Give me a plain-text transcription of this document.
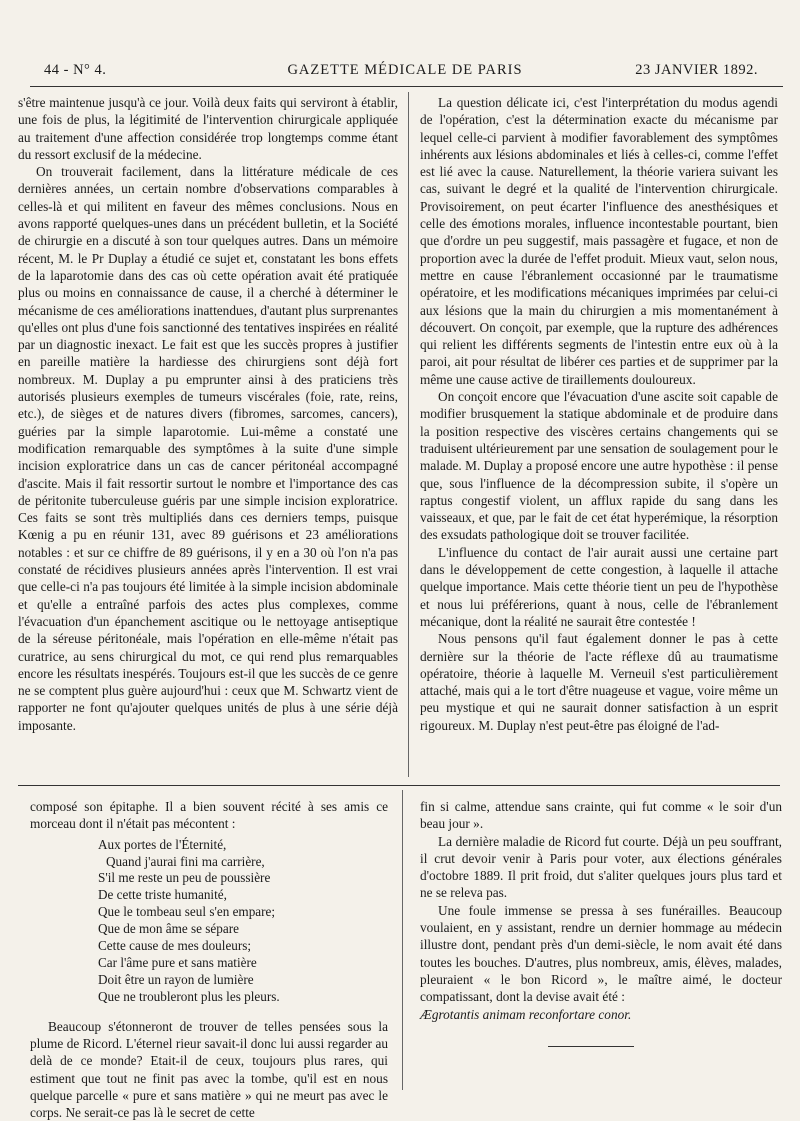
44 - N° 4.	GAZETTE MÉDICALE DE PARIS	23 JANVIER 1892.

s'être maintenue jusqu'à ce jour. Voilà deux faits qui serviront à établir, une fois de plus, la légitimité de l'intervention chirurgicale appliquée au traitement d'une affection considérée trop longtemps comme étant du ressort exclusif de la médecine.

On trouverait facilement, dans la littérature médicale de ces dernières années, un certain nombre d'observations comparables à celles-là et qui militent en faveur des mêmes conclusions. Nous en avons rapporté quelques-unes dans un précédent bulletin, et la Société de chirurgie en a discuté à son tour quelques autres. Dans un mémoire récent, M. le Pr Duplay a étudié ce sujet et, constatant les bons effets de la laparotomie dans des cas où cette opération avait été pratiquée plus ou moins en connaissance de cause, il a cherché à déterminer le mécanisme de ces améliorations inattendues, d'autant plus surprenantes qu'elles ont plus d'une fois sanctionné des tentatives inspirées en réalité par un diagnostic inexact. Le fait est que les succès propres à justifier en pareille matière la hardiesse des chirurgiens sont déjà fort nombreux. M. Duplay a pu emprunter ainsi à des praticiens très autorisés plusieurs exemples de tumeurs viscérales (foie, rate, reins, etc.), de sièges et de natures divers (fibromes, sarcomes, cancers), guéries par la simple laparotomie. Lui-même a constaté une modification remarquable des symptômes à la suite d'une simple incision exploratrice dans un cas de cancer péritonéal accompagné d'ascite. Mais il fait ressortir surtout le nombre et l'importance des cas de péritonite tuberculeuse guéris par une simple incision exploratrice. Ces faits se sont très multipliés dans ces derniers temps, puisque Kœnig a pu en réunir 131, avec 89 guérisons et 23 améliorations notables : et sur ce chiffre de 89 guérisons, il y en a 30 où l'on n'a pas constaté de récidives plusieurs années après l'intervention. Il est vrai que celle-ci n'a pas toujours été limitée à la simple incision abdominale et qu'elle a entraîné parfois des actes plus complexes, comme l'évacuation d'un épanchement ascitique ou le nettoyage antiseptique de la séreuse péritonéale, mais l'opération en elle-même n'était pas curatrice, au sens chirurgical du mot, ce qui rend plus remarquables encore les résultats inespérés. Toujours est-il que les succès de ce genre ne se comptent plus guère aujourd'hui : ceux que M. Schwartz vient de rapporter ne font qu'ajouter quelques unités de plus à une série déjà imposante.

La question délicate ici, c'est l'interprétation du modus agendi de l'opération, c'est la détermination exacte du mécanisme par lequel celle-ci parvient à modifier favorablement des symptômes inhérents aux lésions abdominales et liés à celles-ci, comme l'effet est lié avec la cause. Naturellement, la théorie variera suivant les cas, suivant le degré et la qualité de l'intervention chirurgicale. Provisoirement, on peut écarter l'influence des anesthésiques et celle des émotions morales, influence incontestable pourtant, bien que d'ordre un peu suggestif, mais passagère et fugace, et non de proportion avec la durée de l'effet produit. Mieux vaut, selon nous, mettre en cause l'ébranlement occasionné par le traumatisme opératoire, et les modifications mécaniques imprimées par celui-ci aux lésions que la main du chirurgien a mis momentanément à découvert. On conçoit, par exemple, que la rupture des adhérences qui relient les différents segments de l'intestin entre eux où à la paroi, ait pour résultat de libérer ces parties et de supprimer par la même une cause active de tiraillements douloureux.

On conçoit encore que l'évacuation d'une ascite soit capable de modifier brusquement la statique abdominale et de produire dans la position respective des viscères certains changements qui se traduisent ultérieurement par une sensation de soulagement pour le malade. M. Duplay a proposé encore une autre hypothèse : il pense que, sous l'influence de la décompression subite, il s'opère un raptus congestif violent, un afflux rapide du sang dans les vaisseaux, et que, par le fait de cet état hyperémique, la résorption des exsudats pathologique doit se trouver facilitée.

L'influence du contact de l'air aurait aussi une certaine part dans le développement de cette congestion, à laquelle il attache quelque importance. Mais cette théorie tient un peu de l'hypothèse et nous lui préférerions, quant à nous, celle de l'ébranlement mécanique, dont la réalité ne saurait être contestée !

Nous pensons qu'il faut également donner le pas à cette dernière sur la théorie de l'acte réflexe dû au traumatisme opératoire, théorie à laquelle M. Verneuil s'est particulièrement attaché, mais qui a le tort d'être nuageuse et vague, voire même un peu mystique et qui ne saurait donner satisfaction à un esprit rigoureux. M. Duplay n'est peut-être pas éloigné de l'ad-

composé son épitaphe. Il a bien souvent récité à ses amis ce morceau dont il n'était pas mécontent :

Aux portes de l'Éternité,
Quand j'aurai fini ma carrière,
S'il me reste un peu de poussière
De cette triste humanité,
Que le tombeau seul s'en empare;
Que de mon âme se sépare
Cette cause de mes douleurs;
Car l'âme pure et sans matière
Doit être un rayon de lumière
Que ne troubleront plus les pleurs.

Beaucoup s'étonneront de trouver de telles pensées sous la plume de Ricord. L'éternel rieur savait-il donc lui aussi regarder au delà de ce monde? Etait-il de ceux, toujours plus rares, qui estiment que tout ne finit pas avec la tombe, qu'il est en nous quelque parcelle « pure et sans matière » qui ne meurt pas avec le corps. Ne serait-ce pas là le secret de cette

fin si calme, attendue sans crainte, qui fut comme « le soir d'un beau jour ».

La dernière maladie de Ricord fut courte. Déjà un peu souffrant, il crut devoir venir à Paris pour voter, aux élections générales d'octobre 1889. Il prit froid, dut s'aliter quelques jours plus tard et ne se releva pas.

Une foule immense se pressa à ses funérailles. Beaucoup voulaient, en y assistant, rendre un dernier hommage au médecin illustre dont, pendant près d'un demi-siècle, le nom avait été dans toutes les bouches. D'autres, plus nombreux, amis, élèves, malades, pleuraient « le bon Ricord », le maître aimé, le docteur compatissant, dont la devise avait été :

Ægrotantis animam reconfortare conor.
